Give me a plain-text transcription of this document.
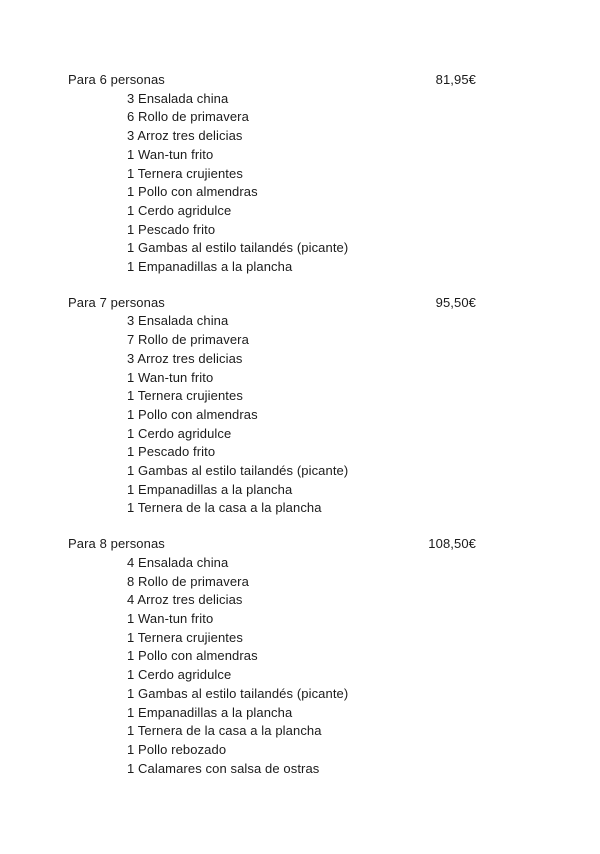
Para 6 personas	81,95€
3 Ensalada china
6 Rollo de primavera
3 Arroz tres delicias
1 Wan-tun frito
1 Ternera crujientes
1 Pollo con almendras
1 Cerdo agridulce
1 Pescado frito
1 Gambas al estilo tailandés (picante)
1 Empanadillas a la plancha
Para 7 personas	95,50€
3 Ensalada china
7 Rollo de primavera
3 Arroz tres delicias
1 Wan-tun frito
1 Ternera crujientes
1 Pollo con almendras
1 Cerdo agridulce
1 Pescado frito
1 Gambas al estilo tailandés (picante)
1 Empanadillas a la plancha
1 Ternera de la casa a la plancha
Para 8 personas	108,50€
4 Ensalada china
8 Rollo de primavera
4 Arroz tres delicias
1 Wan-tun frito
1 Ternera crujientes
1 Pollo con almendras
1 Cerdo agridulce
1 Gambas al estilo tailandés (picante)
1 Empanadillas a la plancha
1 Ternera de la casa a la plancha
1 Pollo rebozado
1 Calamares con salsa de ostras
